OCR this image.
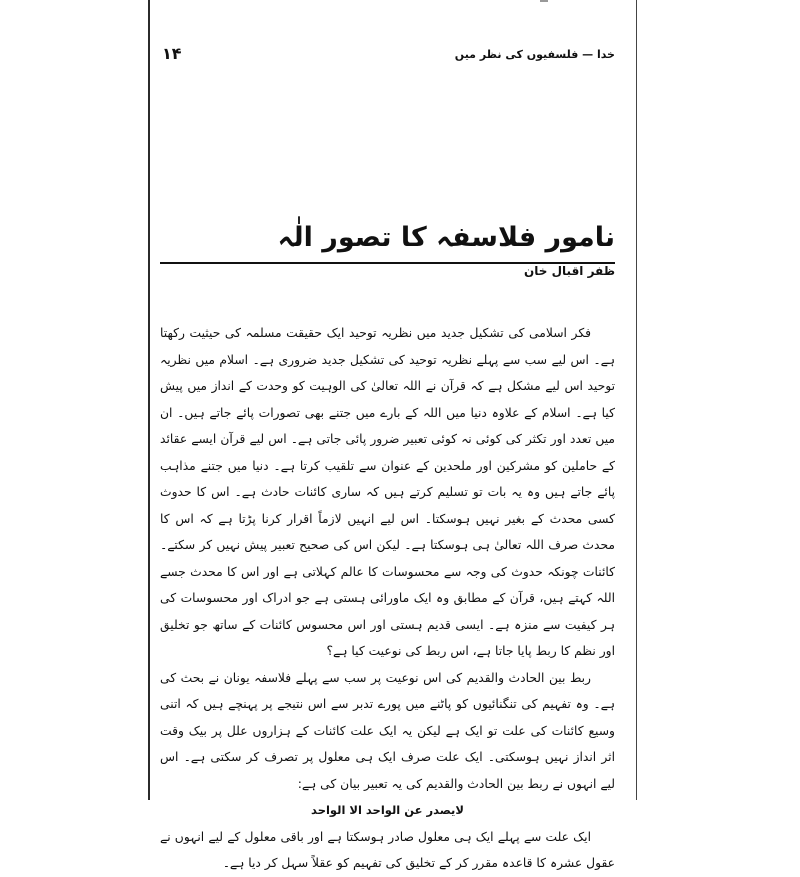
خدا — فلسفیوں کی نظر میں
۱۴
نامور فلاسفہ کا تصور الٰہ
ظفر اقبال خان

فکر اسلامی کی تشکیل جدید میں نظریہ توحید ایک حقیقت مسلمہ کی حیثیت رکھتا ہے۔ اس لیے سب سے پہلے نظریہ توحید کی تشکیل جدید ضروری ہے۔ اسلام میں نظریہ توحید اس لیے مشکل ہے کہ قرآن نے اللہ تعالیٰ کی الوہیت کو وحدت کے انداز میں پیش کیا ہے۔ اسلام کے علاوہ دنیا میں اللہ کے بارے میں جتنے بھی تصورات پائے جاتے ہیں۔ ان میں تعدد اور تکثر کی کوئی نہ کوئی تعبیر ضرور پائی جاتی ہے۔ اس لیے قرآن ایسے عقائد کے حاملین کو مشرکین اور ملحدین کے عنوان سے تلقیب کرتا ہے۔ دنیا میں جتنے مذاہب پائے جاتے ہیں وہ یہ بات تو تسلیم کرتے ہیں کہ ساری کائنات حادث ہے۔ اس کا حدوث کسی محدث کے بغیر نہیں ہوسکتا۔ اس لیے انہیں لازماً اقرار کرنا پڑتا ہے کہ اس کا محدث صرف اللہ تعالیٰ ہی ہوسکتا ہے۔ لیکن اس کی صحیح تعبیر پیش نہیں کر سکتے۔ کائنات چونکہ حدوث کی وجہ سے محسوسات کا عالم کہلاتی ہے اور اس کا محدث جسے اللہ کہتے ہیں، قرآن کے مطابق وہ ایک ماورائی ہستی ہے جو ادراک اور محسوسات کی ہر کیفیت سے منزہ ہے۔ ایسی قدیم ہستی اور اس محسوس کائنات کے ساتھ جو تخلیق اور نظم کا ربط پایا جاتا ہے، اس ربط کی نوعیت کیا ہے؟

ربط بین الحادث والقدیم کی اس نوعیت پر سب سے پہلے فلاسفہ یونان نے بحث کی ہے۔ وہ تفہیم کی تنگنائیوں کو پاٹنے میں پورے تدبر سے اس نتیجے پر پہنچے ہیں کہ اتنی وسیع کائنات کی علت تو ایک ہے لیکن یہ ایک علت کائنات کے ہزاروں علل پر بیک وقت اثر انداز نہیں ہوسکتی۔ ایک علت صرف ایک ہی معلول پر تصرف کر سکتی ہے۔ اس لیے انہوں نے ربط بین الحادث والقدیم کی یہ تعبیر بیان کی ہے:

لایصدر عن الواحد الا الواحد

ایک علت سے پہلے ایک ہی معلول صادر ہوسکتا ہے اور باقی معلول کے لیے انہوں نے عقول عشرہ کا قاعدہ مقرر کر کے تخلیق کی تفہیم کو عقلاً سہل کر دیا ہے۔
